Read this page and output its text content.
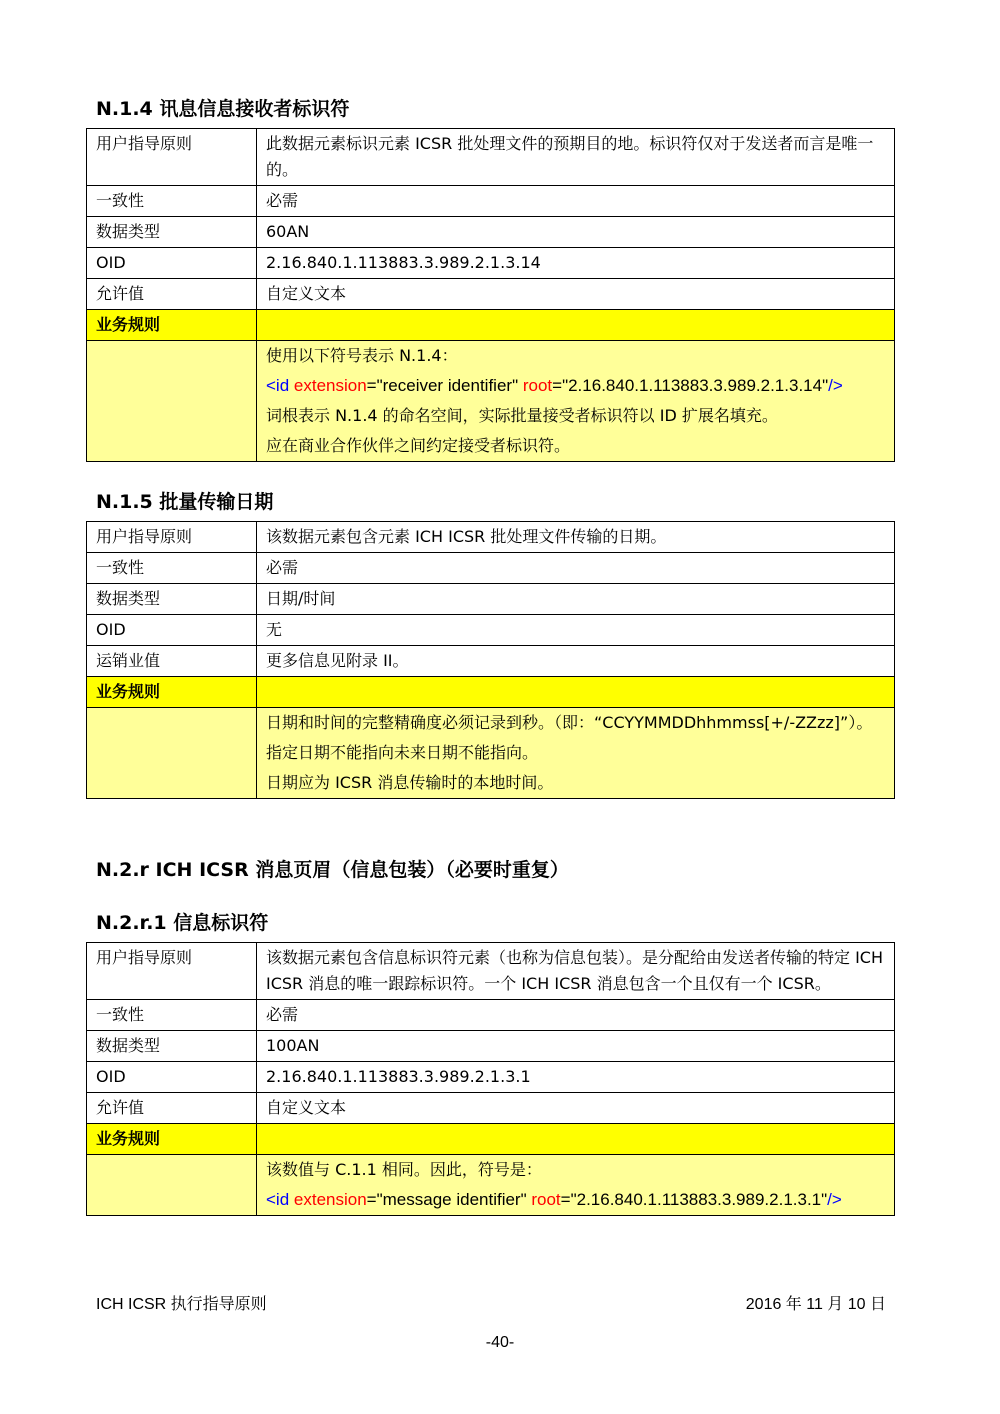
N.1.4 讯息信息接收者标识符
用户指导原则	此数据元素标识元素 ICSR 批处理文件的预期目的地。标识符仅对于发送者而言是唯一的。
一致性	必需
数据类型	60AN
OID	2.16.840.1.113883.3.989.2.1.3.14
允许值	自定义文本
业务规则	

	使用以下符号表示 N.1.4：

<id extension="receiver identifier" root="2.16.840.1.113883.3.989.2.1.3.14"/>

词根表示 N.1.4 的命名空间，实际批量接受者标识符以 ID 扩展名填充。

应在商业合作伙伴之间约定接受者标识符。

N.1.5 批量传输日期
用户指导原则	该数据元素包含元素 ICH ICSR 批处理文件传输的日期。
一致性	必需
数据类型	日期/时间
OID	无
运销业值	更多信息见附录 II。
业务规则	

	日期和时间的完整精确度必须记录到秒。（即：“CCYYMMDDhhmmss[+/-ZZzz]”）。

指定日期不能指向未来日期不能指向。

日期应为 ICSR 消息传输时的本地时间。

N.2.r ICH ICSR 消息页眉（信息包装）（必要时重复）
N.2.r.1 信息标识符
用户指导原则	该数据元素包含信息标识符元素（也称为信息包装）。是分配给由发送者传输的特定 ICH ICSR 消息的唯一跟踪标识符。一个 ICH ICSR 消息包含一个且仅有一个 ICSR。
一致性	必需
数据类型	100AN
OID	2.16.840.1.113883.3.989.2.1.3.1
允许值	自定义文本
业务规则	

	该数值与 C.1.1 相同。因此，符号是：

<id extension="message identifier" root="2.16.840.1.113883.3.989.2.1.3.1"/>

ICH ICSR 执行指导原则	2016 年 11 月 10 日
-40-
